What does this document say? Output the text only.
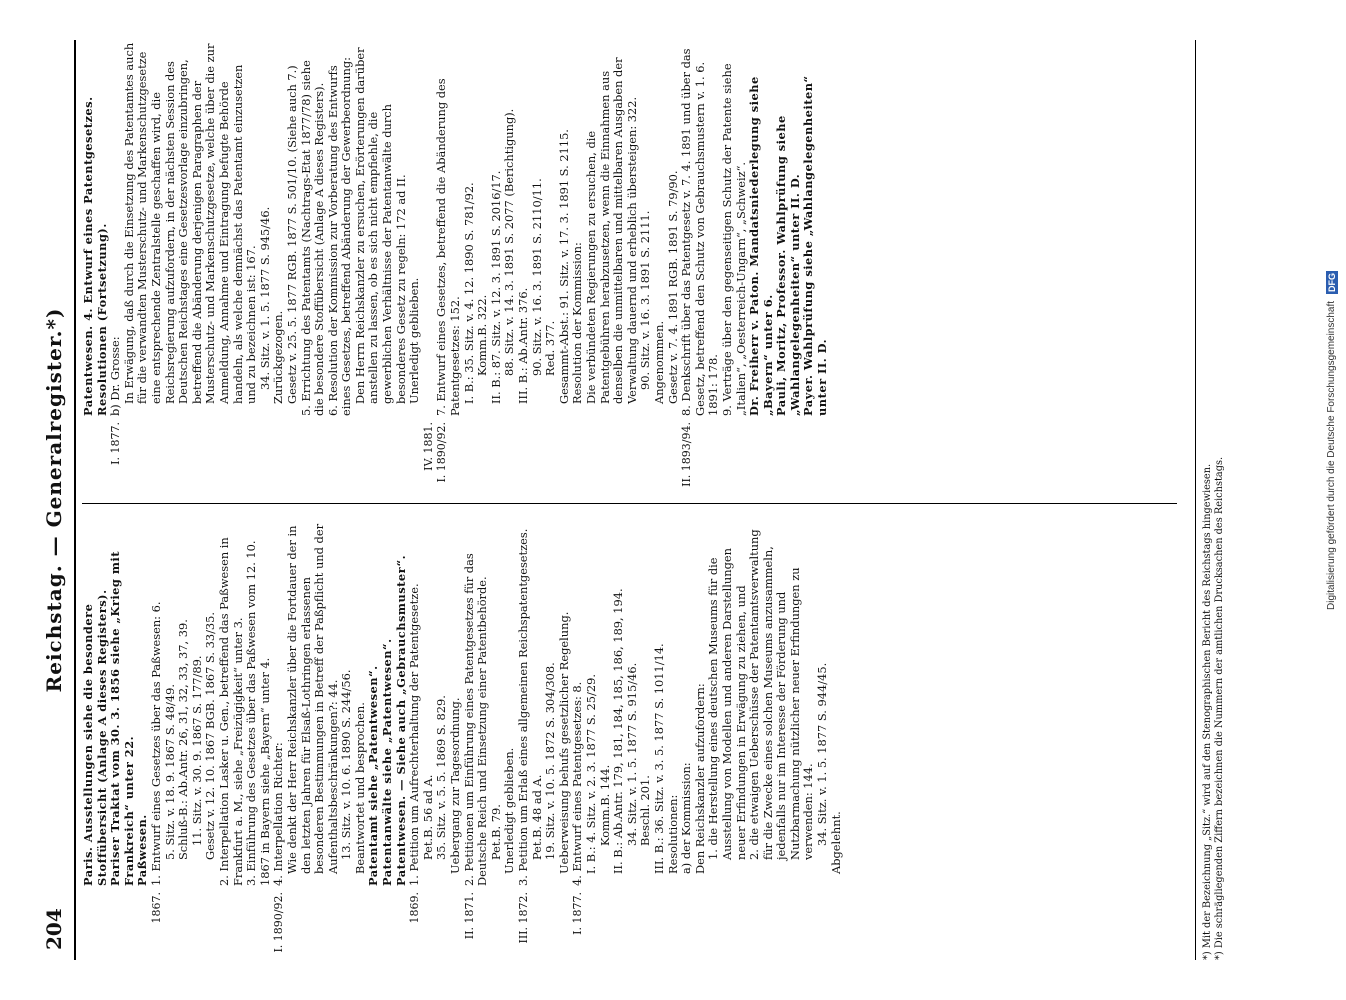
204
Reichstag. — Generalregister.*)
Paris. Ausstellungen siehe die besondere Stoffübersicht (Anlage A dieses Registers). Pariser Traktat vom 30. 3. 1856 siehe „Krieg mit Frankreich“ unter 22. Paßwesen.
1867.
1. Entwurf eines Gesetzes über das Paßwesen: 6. 5. Sitz. v. 18. 9. 1867 S. 48/49. Schluß-B.: Ab.Antr. 26, 31, 32, 33, 37, 39. 11. Sitz. v. 30. 9. 1867 S. 177/89. Gesetz v. 12. 10. 1867 BGB. 1867 S. 33/35. 2. Interpellation Lasker u. Gen., betreffend das Paßwesen in Frankfurt a. M., siehe „Freizügigkeit“ unter 3. 3. Einführung des Gesetzes über das Paßwesen vom 12. 10. 1867 in Bayern siehe „Bayern“ unter 4.
I. 1890/92.
4. Interpellation Richter: Wie denkt der Herr Reichskanzler über die Fortdauer der in den letzten Jahren für Elsaß-Lothringen erlassenen besonderen Bestimmungen in Betreff der Paßpflicht und der Aufenthaltsbeschränkungen?: 44. 13. Sitz. v. 10. 6. 1890 S. 244/56. Beantwortet und besprochen. Patentamt siehe „Patentwesen“. Patentanwälte siehe „Patentwesen“. Patentwesen. — Siehe auch „Gebrauchsmuster“.
1869.
1. Petition um Aufrechterhaltung der Patentgesetze. Pet.B. 56 ad A. 35. Sitz. v. 5. 5. 1869 S. 829. Uebergang zur Tagesordnung.
II. 1871.
2. Petitionen um Einführung eines Patentgesetzes für das Deutsche Reich und Einsetzung einer Patentbehörde. Pet.B. 79. Unerledigt geblieben.
III. 1872.
3. Petition um Erlaß eines allgemeinen Reichspatentgesetzes. Pet.B. 48 ad A. 19. Sitz. v. 10. 5. 1872 S. 304/308. Ueberweisung behufs gesetzlicher Regelung.
I. 1877.
4. Entwurf eines Patentgesetzes: 8. I. B.: 4. Sitz. v. 2. 3. 1877 S. 25/29. Komm.B. 144. II. B.: Ab.Antr. 179, 181, 184, 185, 186, 189, 194. 34. Sitz. v. 1. 5. 1877 S. 915/46. Beschl. 201. III. B.: 36. Sitz. v. 3. 5. 1877 S. 1011/14. Resolutionen: a) der Kommission: Den Reichskanzler aufzufordern: 1. die Herstellung eines deutschen Museums für die Ausstellung von Modellen und anderen Darstellungen neuer Erfindungen in Erwägung zu ziehen, und 2. die etwaigen Ueberschüsse der Patentamtsverwaltung für die Zwecke eines solchen Museums anzusammeln, jedenfalls nur im Interesse der Förderung und Nutzbarmachung nützlicher neuer Erfindungen zu verwenden: 144. 34. Sitz. v. 1. 5. 1877 S. 944/45. Abgelehnt.
Patentwesen. 4. Entwurf eines Patentgesetzes. Resolutionen (Fortsetzung).
I. 1877.
b) Dr. Grosse: In Erwägung, daß durch die Einsetzung des Patentamtes auch für die verwandten Musterschutz- und Markenschutzgesetze eine entsprechende Zentralstelle geschaffen wird, die Reichsregierung aufzufordern, in der nächsten Session des Deutschen Reichstages eine Gesetzesvorlage einzubringen, betreffend die Abänderung derjenigen Paragraphen der Musterschutz- und Markenschutzgesetze, welche über die zur Anmeldung, Annahme und Eintragung befugte Behörde handeln, als welche demnächst das Patentamt einzusetzen und zu bezeichnen ist: 167. 34. Sitz. v. 1. 5. 1877 S. 945/46. Zurückgezogen. Gesetz v. 25. 5. 1877 RGB. 1877 S. 501/10. (Siehe auch 7.) 5. Errichtung des Patentamts (Nachtrags-Etat 1877/78) siehe die besondere Stoffübersicht (Anlage A dieses Registers). 6. Resolution der Kommission zur Vorberatung des Entwurfs eines Gesetzes, betreffend Abänderung der Gewerbeordnung: Den Herrn Reichskanzler zu ersuchen, Erörterungen darüber anstellen zu lassen, ob es sich nicht empfiehle, die gewerblichen Verhältnisse der Patentanwälte durch besonderes Gesetz zu regeln: 172 ad II. Unerledigt geblieben.
IV. 1881. I. 1890/92.
7. Entwurf eines Gesetzes, betreffend die Abänderung des Patentgesetzes: 152. I. B.: 35. Sitz. v. 4. 12. 1890 S. 781/92. Komm.B. 322. II. B.: 87. Sitz. v. 12. 3. 1891 S. 2016/17. 88. Sitz. v. 14. 3. 1891 S. 2077 (Berichtigung). III. B.: Ab.Antr. 376. 90. Sitz. v. 16. 3. 1891 S. 2110/11. Red. 377. Gesammt-Abst.: 91. Sitz. v. 17. 3. 1891 S. 2115. Resolution der Kommission: Die verbündeten Regierungen zu ersuchen, die Patentgebühren herabzusetzen, wenn die Einnahmen aus denselben die unmittelbaren und mittelbaren Ausgaben der Verwaltung dauernd und erheblich übersteigen: 322. 90. Sitz. v. 16. 3. 1891 S. 2111. Angenommen. Gesetz v. 7. 4. 1891 RGB. 1891 S. 79/90.
II. 1893/94.
8. Denkschrift über das Patentgesetz v. 7. 4. 1891 und über das Gesetz, betreffend den Schutz von Gebrauchsmustern v. 1. 6. 1891: 178. 9. Verträge über den gegenseitigen Schutz der Patente siehe „Italien“, „Oesterreich-Ungarn“, „Schweiz“. Dr. Freiherr v. Paton. Mandatsniederlegung siehe „Bayern“ unter 6. Pauli, Moritz, Professor. Wahlprüfung siehe „Wahlangelegenheiten“ unter II. D. Payer. Wahlprüfung siehe „Wahlangelegenheiten“ unter II. D.
*) Mit der Bezeichnung „Sitz.“ wird auf den Stenographischen Bericht des Reichstags hingewiesen. *) Die schrägliegenden Ziffern bezeichnen die Nummern der amtlichen Drucksachen des Reichstags.
Digitalisierung gefördert durch die Deutsche Forschungsgemeinschaft DFG
